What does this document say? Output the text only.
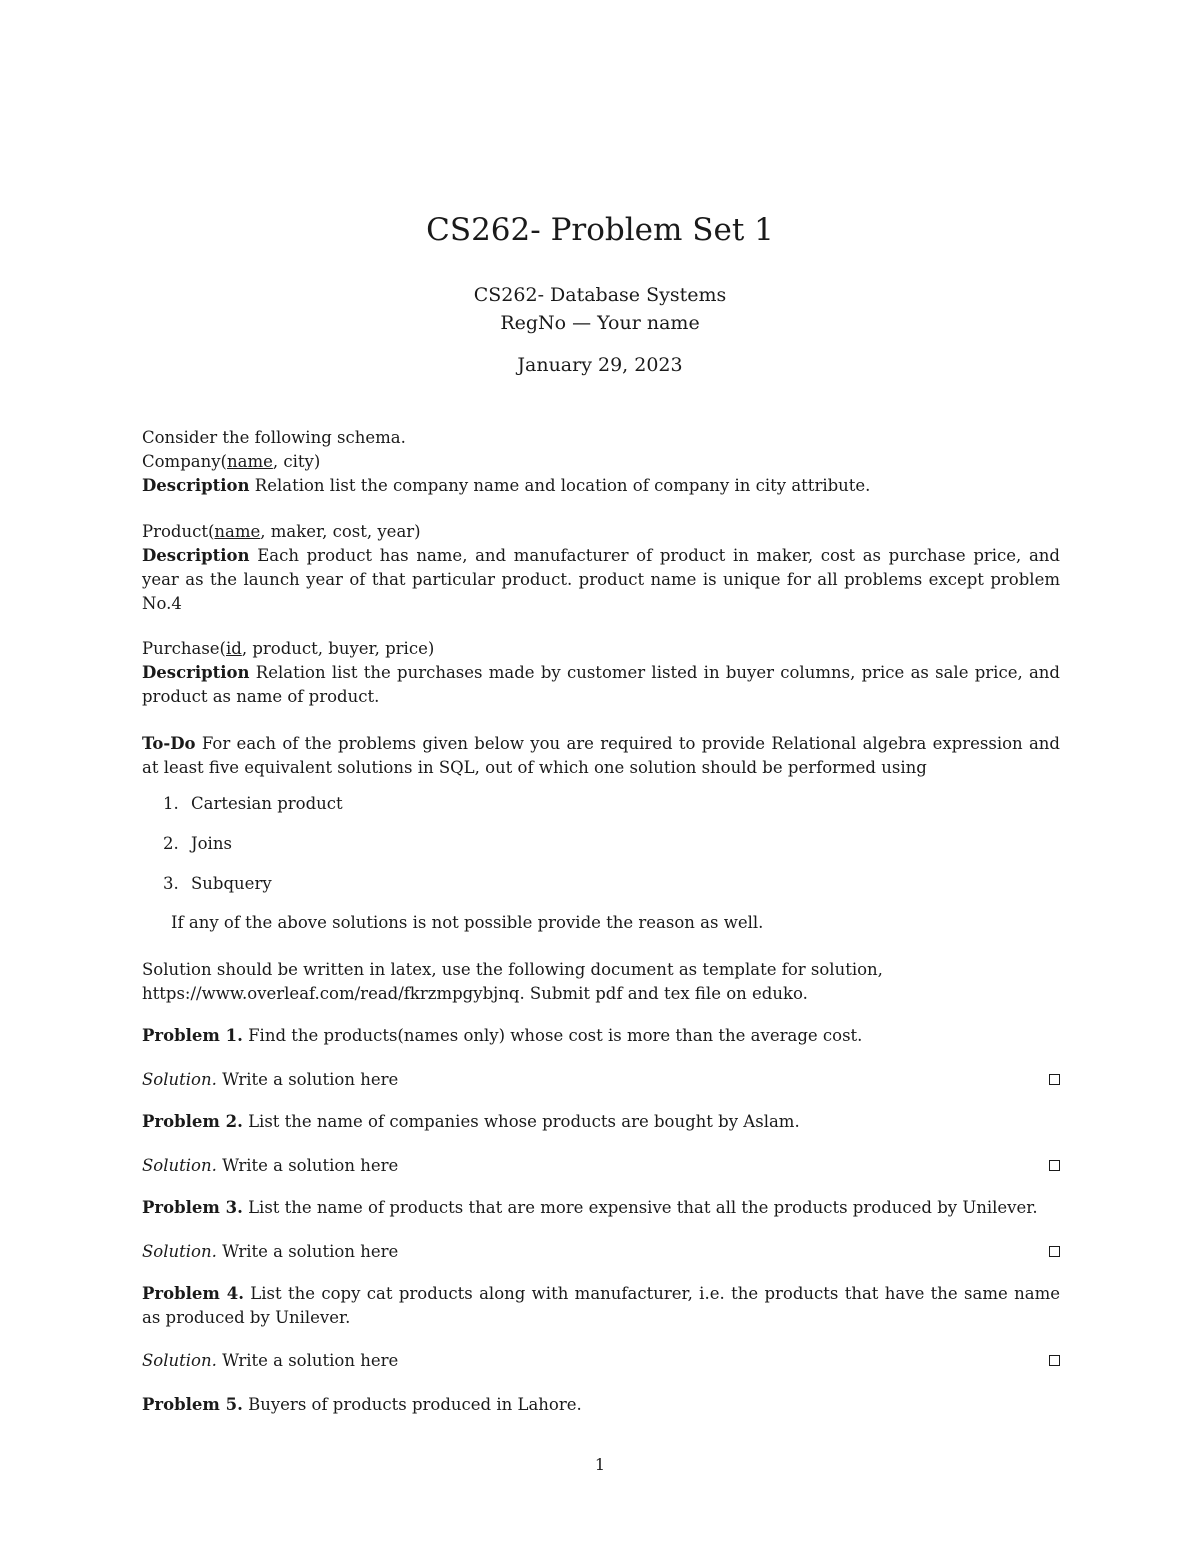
CS262- Problem Set 1
CS262- Database Systems
RegNo — Your name
January 29, 2023

Consider the following schema.

Company(name, city)

Description Relation list the company name and location of company in city attribute.

Product(name, maker, cost, year)

Description Each product has name, and manufacturer of product in maker, cost as purchase price, and year as the launch year of that particular product. product name is unique for all problems except problem No.4

Purchase(id, product, buyer, price)

Description Relation list the purchases made by customer listed in buyer columns, price as sale price, and product as name of product.

To-Do For each of the problems given below you are required to provide Relational algebra expression and at least five equivalent solutions in SQL, out of which one solution should be performed using

1. Cartesian product
2. Joins
3. Subquery
If any of the above solutions is not possible provide the reason as well.

Solution should be written in latex, use the following document as template for solution,

https://www.overleaf.com/read/fkrzmpgybjnq. Submit pdf and tex file on eduko.

Problem 1. Find the products(names only) whose cost is more than the average cost.

Solution. Write a solution here

Problem 2. List the name of companies whose products are bought by Aslam.

Solution. Write a solution here

Problem 3. List the name of products that are more expensive that all the products produced by Unilever.

Solution. Write a solution here

Problem 4. List the copy cat products along with manufacturer, i.e. the products that have the same name as produced by Unilever.

Solution. Write a solution here

Problem 5. Buyers of products produced in Lahore.

1
